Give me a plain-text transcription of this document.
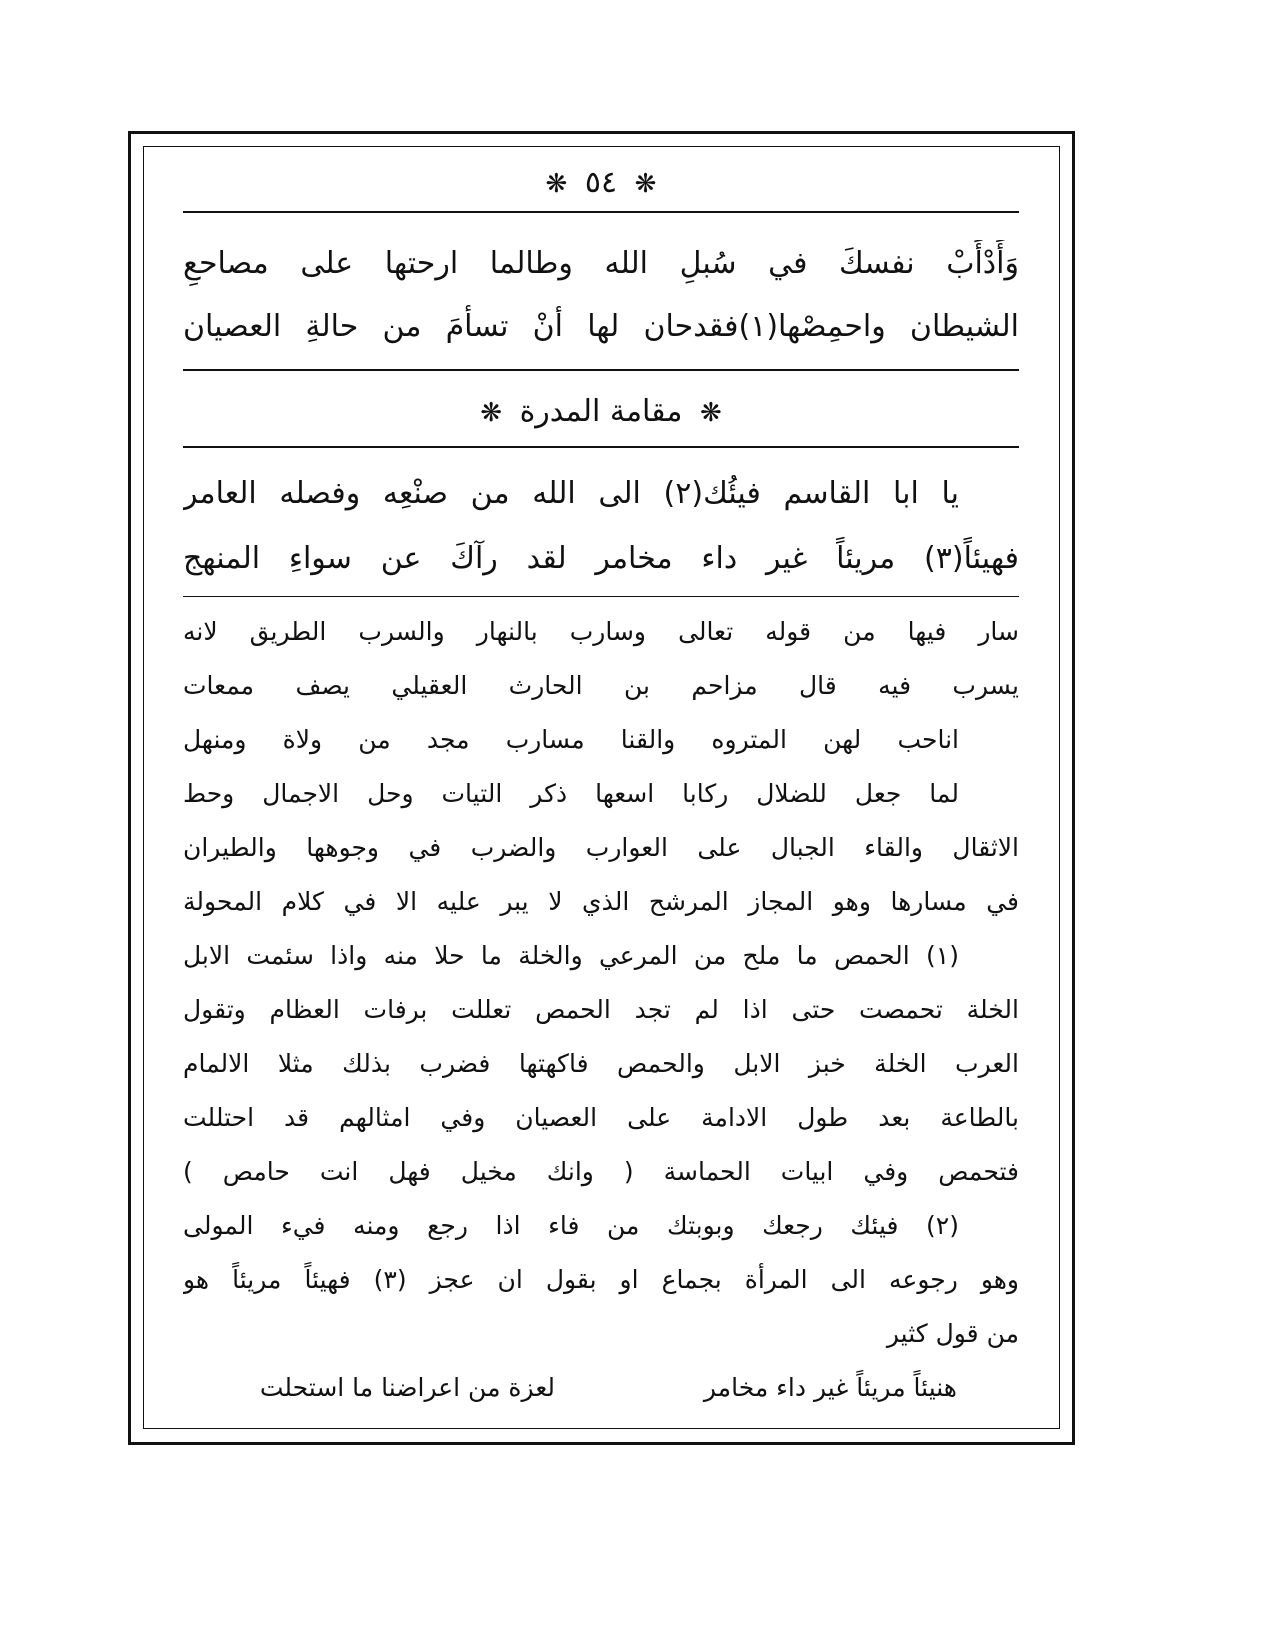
❋ ٥٤ ❋
وَأَدْأَبْ نفسكَ في سُبلِ الله وطالما ارحتها على مصاحعِ
الشيطان واحمِصْها(١)فقدحان لها أنْ تسأمَ من حالةِ العصيان
❋ مقامة المدرة ❋
يا ابا القاسم فيئُك(٢) الى الله من صنْعِه وفصله العامر
فهيئاً(٣) مريئاً غير داء مخامر لقد رآكَ عن سواءِ المنهج
سار فيها من قوله تعالى وسارب بالنهار والسرب الطريق لانه
يسرب فيه قال مزاحم بن الحارث العقيلي يصف ممعات
اناحب لهن المتروه والقنا مسارب مجد من ولاة ومنهل
لما جعل للضلال ركابا اسعها ذكر التيات وحل الاجمال وحط
الاثقال والقاء الجبال على العوارب والضرب في وجوهها والطيران
في مسارها وهو المجاز المرشح الذي لا يبر عليه الا في كلام المحولة
(١) الحمص ما ملح من المرعي والخلة ما حلا منه واذا سئمت الابل
الخلة تحمصت حتى اذا لم تجد الحمص تعللت برفات العظام وتقول
العرب الخلة خبز الابل والحمص فاكهتها فضرب بذلك مثلا الالمام
بالطاعة بعد طول الادامة على العصيان وفي امثالهم قد احتللت
فتحمص وفي ابيات الحماسة ( وانك مخيل فهل انت حامص )
(٢) فيئك رجعك وبوبتك من فاء اذا رجع ومنه فيء المولى
وهو رجوعه الى المرأة بجماع او بقول ان عجز (٣) فهيئاً مريئاً هو
من قول كثير
هنيئاً مريئاً غير داء مخامر
لعزة من اعراضنا ما استحلت
